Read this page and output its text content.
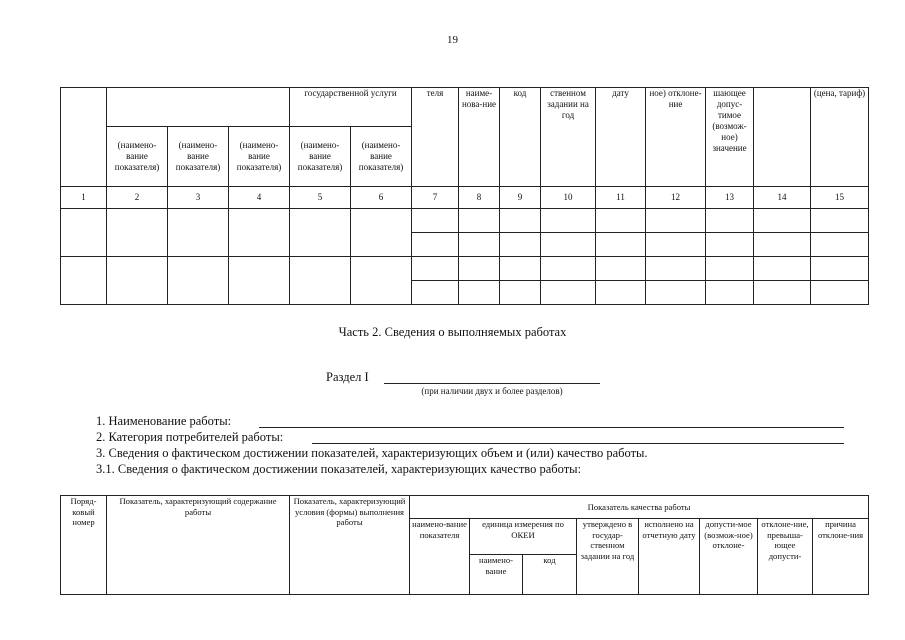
19
				государственной услуги		теля	наиме-нова-ние	код	ственном задании на год	дату	ное) отклоне-ние	шающее допус-тимое (возмож-ное) значение		(цена, тариф)
	(наимено-вание показателя)	(наимено-вание показателя)	(наимено-вание показателя)	(наимено-вание показателя)	(наимено-вание показателя)									
1	2	3	4	5	6	7	8	9	10	11	12	13	14	15

Часть 2. Сведения о выполняемых работах
Раздел I
(при наличии двух и более разделов)
1. Наименование работы:
2. Категория потребителей работы:
3. Сведения о фактическом достижении показателей, характеризующих объем и (или) качество работы.
3.1. Сведения о фактическом достижении показателей, характеризующих качество работы:
Поряд-ковый номер	Показатель, характеризующий содержание работы	Показатель, характеризующий условия (формы) выполнения работы	Показатель качества работы							
			наимено-вание показателя	единица измерения по ОКЕИ		утверждено в государ-ственном задании на год	исполнено на отчетную дату	допусти-мое (возмож-ное) отклоне-	отклоне-ние, превыша-ющее допусти-	причина отклоне-ния
				наимено-вание	код					
